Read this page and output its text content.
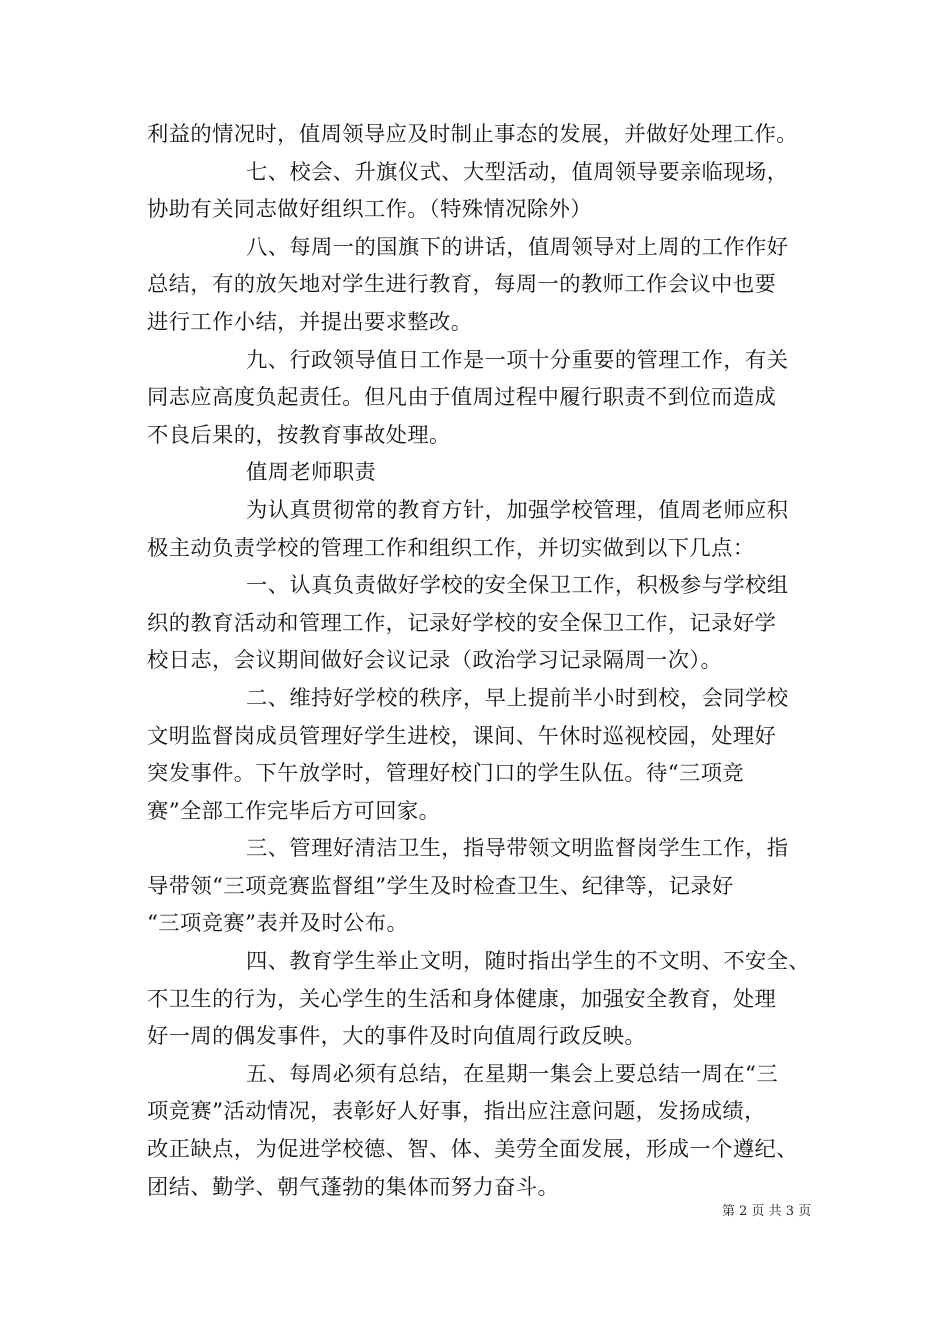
利益的情况时，值周领导应及时制止事态的发展，并做好处理工作。
七、校会、升旗仪式、大型活动，值周领导要亲临现场，
协助有关同志做好组织工作。（特殊情况除外）
八、每周一的国旗下的讲话，值周领导对上周的工作作好
总结，有的放矢地对学生进行教育，每周一的教师工作会议中也要
进行工作小结，并提出要求整改。
九、行政领导值日工作是一项十分重要的管理工作，有关
同志应高度负起责任。但凡由于值周过程中履行职责不到位而造成
不良后果的，按教育事故处理。
值周老师职责
为认真贯彻常的教育方针，加强学校管理，值周老师应积
极主动负责学校的管理工作和组织工作，并切实做到以下几点：
一、认真负责做好学校的安全保卫工作，积极参与学校组
织的教育活动和管理工作，记录好学校的安全保卫工作，记录好学
校日志，会议期间做好会议记录（政治学习记录隔周一次）。
二、维持好学校的秩序，早上提前半小时到校，会同学校
文明监督岗成员管理好学生进校，课间、午休时巡视校园，处理好
突发事件。下午放学时，管理好校门口的学生队伍。待“三项竞
赛”全部工作完毕后方可回家。
三、管理好清洁卫生，指导带领文明监督岗学生工作，指
导带领“三项竞赛监督组”学生及时检查卫生、纪律等，记录好
“三项竞赛”表并及时公布。
四、教育学生举止文明，随时指出学生的不文明、不安全、
不卫生的行为，关心学生的生活和身体健康，加强安全教育，处理
好一周的偶发事件，大的事件及时向值周行政反映。
五、每周必须有总结，在星期一集会上要总结一周在“三
项竞赛”活动情况，表彰好人好事，指出应注意问题，发扬成绩，
改正缺点，为促进学校德、智、体、美劳全面发展，形成一个遵纪、
团结、勤学、朝气蓬勃的集体而努力奋斗。
第 2 页 共 3 页
